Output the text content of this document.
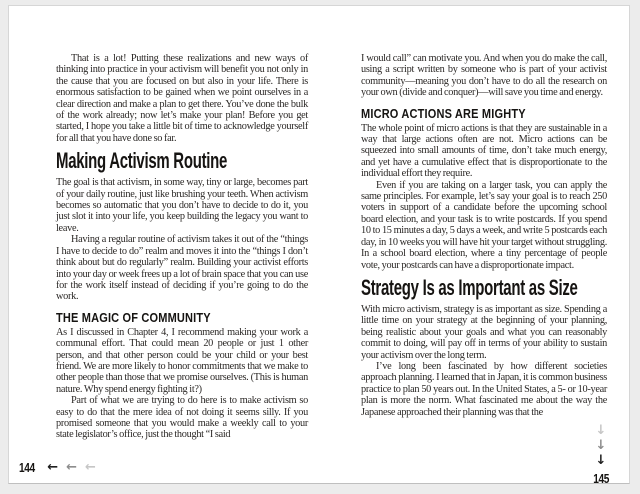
That is a lot! Putting these realizations and new ways of thinking into practice in your activism will benefit you not only in the cause that you are focused on but also in your life. There is enormous satisfaction to be gained when we point ourselves in a clear direction and make a plan to get there. You’ve done the bulk of the work already; now let’s make your plan! Before you get started, I hope you take a little bit of time to acknowledge yourself for all that you have done so far.

Making Activism Routine

The goal is that activism, in some way, tiny or large, becomes part of your daily routine, just like brushing your teeth. When activism becomes so automatic that you don’t have to decide to do it, you just slot it into your life, you keep building the legacy you want to leave.

Having a regular routine of activism takes it out of the “things I have to decide to do” realm and moves it into the “things I don’t think about but do regularly” realm. Building your activist efforts into your day or week frees up a lot of brain space that you can use for the work itself instead of deciding if you’re going to do the work.

THE MAGIC OF COMMUNITY

As I discussed in Chapter 4, I recommend making your work a communal effort. That could mean 20 people or just 1 other person, and that other person could be your child or your best friend. We are more likely to honor commitments that we make to other people than those that we promise ourselves. (This is human nature. Why spend energy fighting it?)

Part of what we are trying to do here is to make activism so easy to do that the mere idea of not doing it seems silly. If you promised someone that you would make a weekly call to your state legislator’s office, just the thought “I said

I would call” can motivate you. And when you do make the call, using a script written by someone who is part of your activist community—meaning you don’t have to do all the research on your own (divide and conquer)—will save you time and energy.

MICRO ACTIONS ARE MIGHTY

The whole point of micro actions is that they are sustainable in a way that large actions often are not. Micro actions can be squeezed into small amounts of time, don’t take much energy, and yet have a cumulative effect that is disproportionate to the individual effort they require.

Even if you are taking on a larger task, you can apply the same principles. For example, let’s say your goal is to reach 250 voters in support of a candidate before the upcoming school board election, and your task is to write postcards. If you spend 10 to 15 minutes a day, 5 days a week, and write 5 postcards each day, in 10 weeks you will have hit your target without struggling. In a school board election, where a tiny percentage of people vote, your postcards can have a disproportionate impact.

Strategy Is as Important as Size

With micro activism, strategy is as important as size. Spending a little time on your strategy at the beginning of your planning, being realistic about your goals and what you can reasonably commit to doing, will pay off in terms of your ability to sustain your activism over the long term.

I’ve long been fascinated by how different societies approach planning. I learned that in Japan, it is common business practice to plan 50 years out. In the United States, a 5- or 10-year plan is more the norm. What fascinated me about the way the Japanese approached their planning was that the

144 ← ← ←
↓
↓
↓
145
